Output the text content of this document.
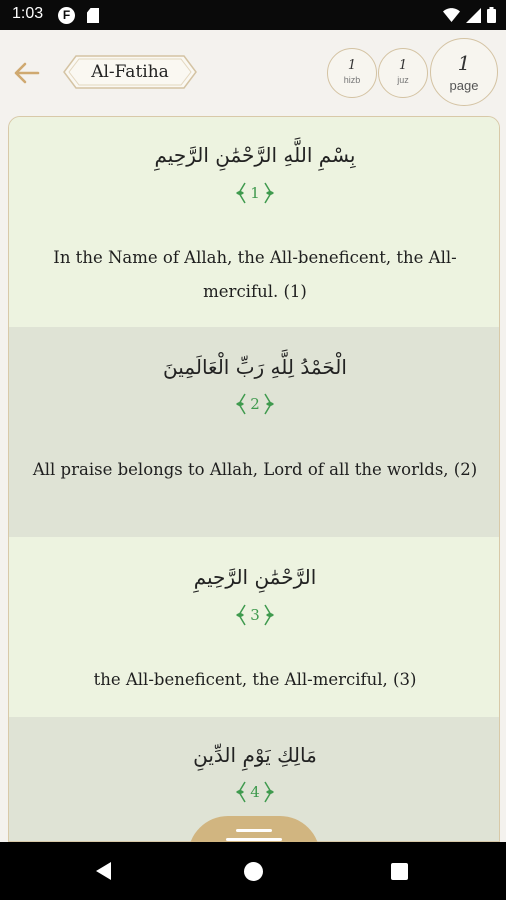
1:03	F
Al-Fatiha	1
hizb
1
juz
1
page
بِسْمِ اللَّهِ الرَّحْمَٰنِ الرَّحِيمِ
1
In the Name of Allah, the All-beneficent, the All-merciful. (1)
الْحَمْدُ لِلَّهِ رَبِّ الْعَالَمِينَ
2
All praise belongs to Allah, Lord of all the worlds, (2)
الرَّحْمَٰنِ الرَّحِيمِ
3
the All-beneficent, the All-merciful, (3)
مَالِكِ يَوْمِ الدِّينِ
4
